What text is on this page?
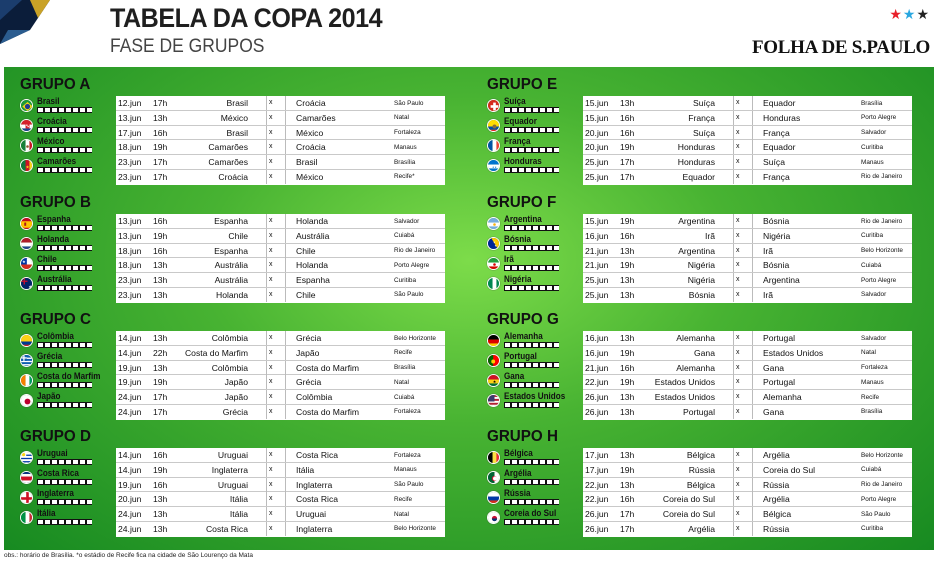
TABELA DA COPA 2014
FASE DE GRUPOS
★★★
FOLHA DE S.PAULO
GRUPO A
Brasil
Croácia
México
★
Camarões
12.jun 17h	Brasil	x	Croácia	São Paulo
13.jun 13h	México	x	Camarões	Natal
17.jun 16h	Brasil	x	México	Fortaleza
18.jun 19h	Camarões	x	Croácia	Manaus
23.jun 17h	Camarões	x	Brasil	Brasília
23.jun 17h	Croácia	x	México	Recife*
GRUPO B
Espanha
Holanda
★ Chile
★
Austrália
13.jun 16h	Espanha	x	Holanda	Salvador
13.jun 19h	Chile	x	Austrália	Cuiabá
18.jun 16h	Espanha	x	Chile	Rio de Janeiro
18.jun 13h	Austrália	x	Holanda	Porto Alegre
23.jun 13h	Austrália	x	Espanha	Curitiba
23.jun 13h	Holanda	x	Chile	São Paulo
GRUPO C
Colômbia
Grécia
Costa do Marfim
Japão
14.jun 13h	Colômbia	x	Grécia	Belo Horizonte
14.jun 22h Costa do Marfim	x	Japão	Recife
19.jun 13h	Colômbia	x	Costa do Marfim	Brasília
19.jun 19h	Japão	x	Grécia	Natal
24.jun 17h	Japão	x	Colômbia	Cuiabá
24.jun 17h	Grécia	x	Costa do Marfim	Fortaleza
GRUPO D
Uruguai
Costa Rica
Inglaterra
Itália
14.jun 16h	Uruguai	x	Costa Rica	Fortaleza
14.jun 19h	Inglaterra	x	Itália	Manaus
19.jun 16h	Uruguai	x	Inglaterra	São Paulo
20.jun 13h	Itália	x	Costa Rica	Recife
24.jun 13h	Itália	x	Uruguai	Natal
24.jun 13h	Costa Rica	x	Inglaterra	Belo Horizonte
GRUPO E
Suíça
Equador
França
★★
Honduras
15.jun 13h	Suíça	x	Equador	Brasília
15.jun 16h	França	x	Honduras	Porto Alegre
20.jun 16h	Suíça	x	França	Salvador
20.jun 19h	Honduras	x	Equador	Curitiba
25.jun 17h	Honduras	x	Suíça	Manaus
25.jun 17h	Equador	x	França	Rio de Janeiro
GRUPO F
Argentina
★
★
Bósnia
Irã
Nigéria
15.jun 19h	Argentina	x	Bósnia	Rio de Janeiro
16.jun 16h	Irã	x	Nigéria	Curitiba
21.jun 13h	Argentina	x	Irã	Belo Horizonte
21.jun 19h	Nigéria	x	Bósnia	Cuiabá
25.jun 13h	Nigéria	x	Argentina	Porto Alegre
25.jun 13h	Bósnia	x	Irã	Salvador
GRUPO G
Alemanha
Portugal
★
Gana
Estados Unidos
16.jun 13h	Alemanha	x	Portugal	Salvador
16.jun 19h	Gana	x	Estados Unidos	Natal
21.jun 16h	Alemanha	x	Gana	Fortaleza
22.jun 19h Estados Unidos	x	Portugal	Manaus
26.jun 13h Estados Unidos	x	Alemanha	Recife
26.jun 13h	Portugal	x	Gana	Brasília
GRUPO H
Bélgica
Argélia
Rússia
Coreia do Sul
17.jun 13h	Bélgica	x	Argélia	Belo Horizonte
17.jun 19h	Rússia	x	Coreia do Sul	Cuiabá
22.jun 13h	Bélgica	x	Rússia	Rio de Janeiro
22.jun 16h	Coreia do Sul	x	Argélia	Porto Alegre
26.jun 17h	Coreia do Sul	x	Bélgica	São Paulo
26.jun 17h	Argélia	x	Rússia	Curitiba
obs.: horário de Brasília. *o estádio de Recife fica na cidade de São Lourenço da Mata
